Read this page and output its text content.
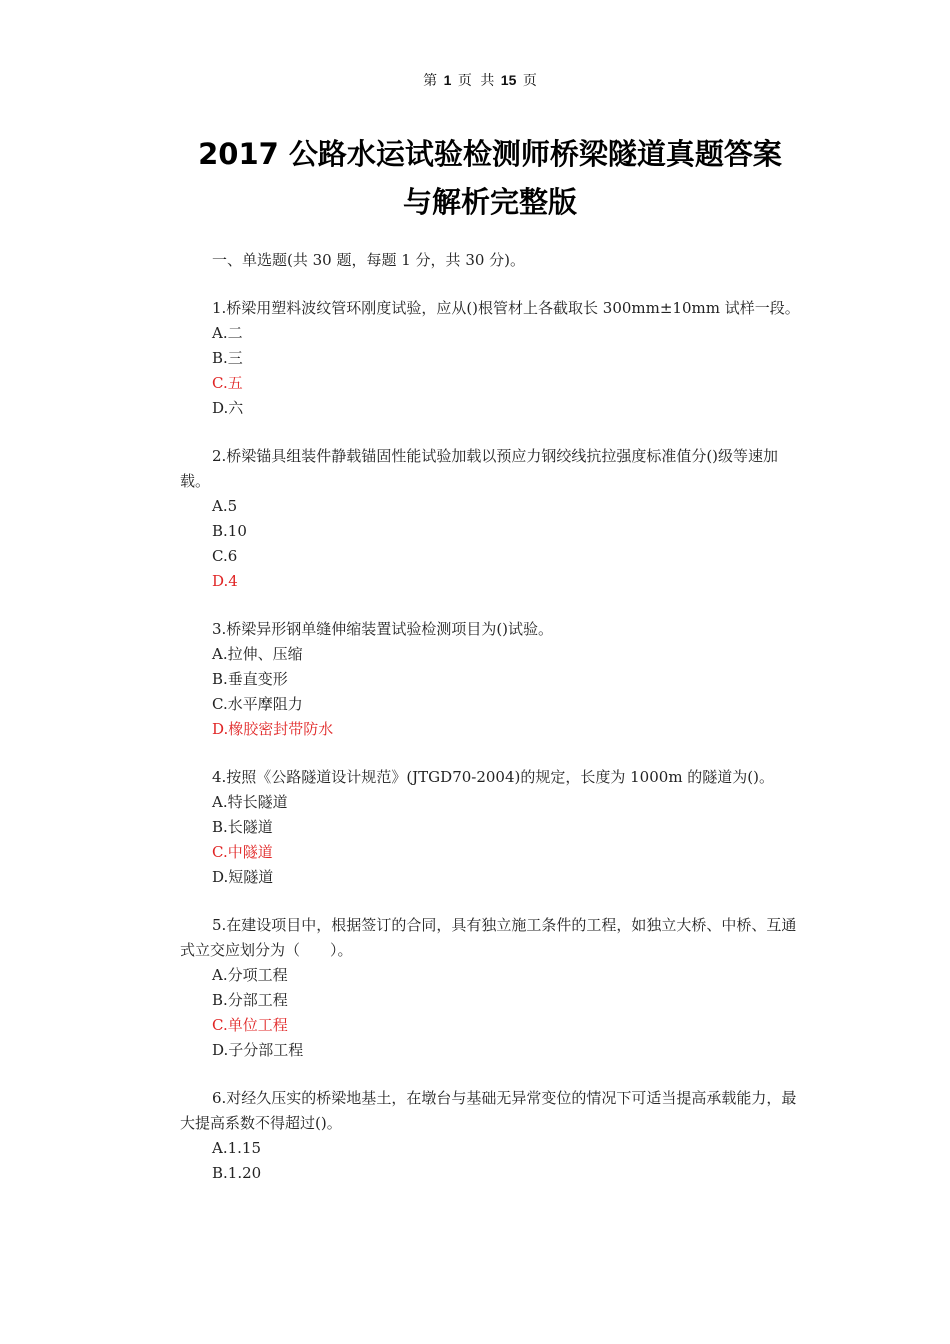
第 1 页 共 15 页
2017 公路水运试验检测师桥梁隧道真题答案
与解析完整版
一、单选题(共 30 题，每题 1 分，共 30 分)。
1.桥梁用塑料波纹管环刚度试验，应从()根管材上各截取长 300mm±10mm 试样一段。
A.二
B.三
C.五
D.六
2.桥梁锚具组装件静载锚固性能试验加载以预应力钢绞线抗拉强度标准值分()级等速加载。
A.5
B.10
C.6
D.4
3.桥梁异形钢单缝伸缩装置试验检测项目为()试验。
A.拉伸、压缩
B.垂直变形
C.水平摩阻力
D.橡胶密封带防水
4.按照《公路隧道设计规范》(JTGD70-2004)的规定，长度为 1000m 的隧道为()。
A.特长隧道
B.长隧道
C.中隧道
D.短隧道
5.在建设项目中，根据签订的合同，具有独立施工条件的工程，如独立大桥、中桥、互通式立交应划分为（　　）。
A.分项工程
B.分部工程
C.单位工程
D.子分部工程
6.对经久压实的桥梁地基土，在墩台与基础无异常变位的情况下可适当提高承载能力，最大提高系数不得超过()。
A.1.15
B.1.20
